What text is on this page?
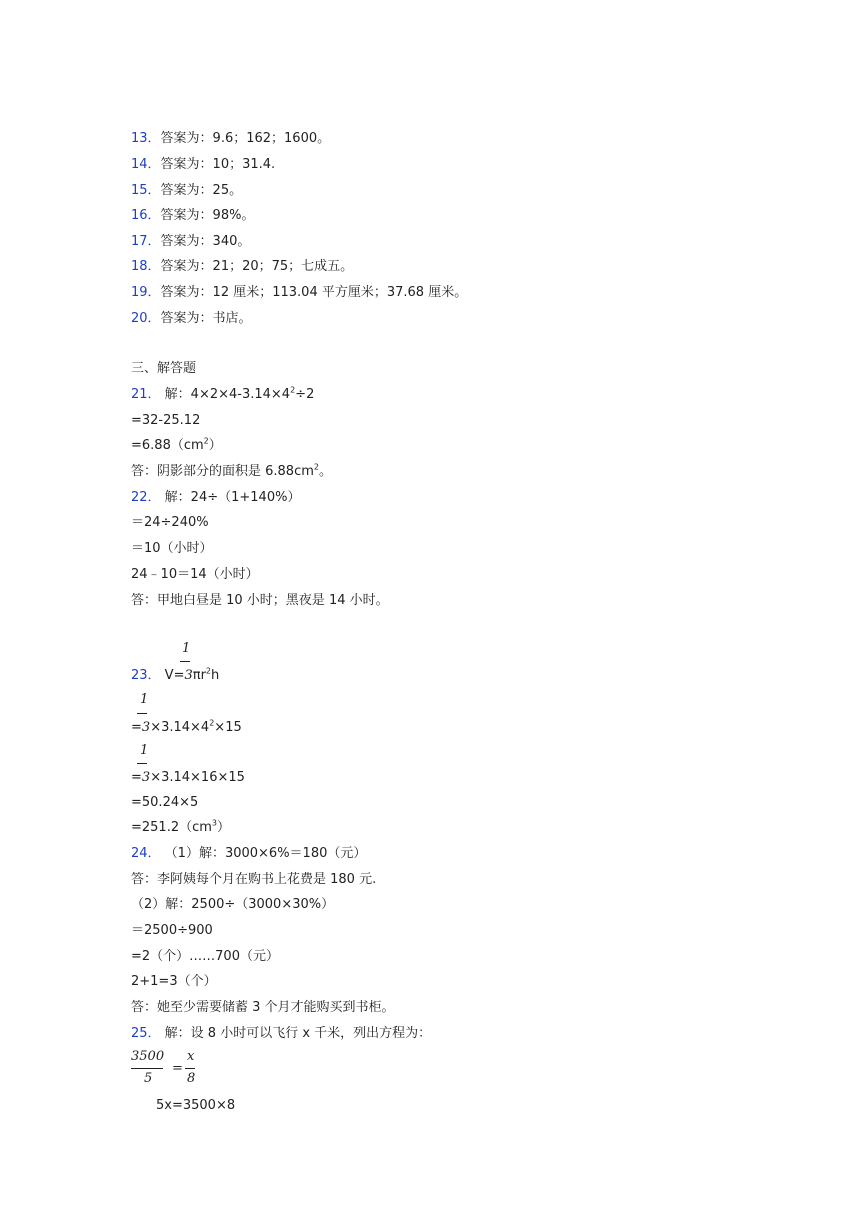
13．答案为：9.6；162；1600。
14．答案为：10；31.4.
15．答案为：25。
16．答案为：98%。
17．答案为：340。
18．答案为：21；20；75；七成五。
19．答案为：12 厘米；113.04 平方厘米；37.68 厘米。
20．答案为：书店。
三、解答题
21． 解：$4\times 2\times 4-3.14\times 4^2\div 2$
=32-25.12
$=6.88(cm^2)$
答：阴影部分的面积是 $6.88cm^2$。
22． 解：24÷（1+140%）
＝24÷240%
＝10（小时）
24﹣10＝14（小时）
答：甲地白昼是 10 小时；黑夜是 14 小时。
1
23． $V=3\pi r^2h$
1
$=3\times 3.14\times 4^2\times 15$
1
=3×3.14×16×15
=50.24×5
$=251.2(cm^3)$
24． （1）解：3000×6%＝180（元）
答：李阿姨每个月在购书上花费是 180 元.
（2）解：2500÷（3000×30%）
＝2500÷900
=2（个）……700（元）
2+1=3（个）
答：她至少需要储蓄 3 个月才能购买到书柜。
25． 解：设 8 小时可以飞行 x 千米，列出方程为：
3500
5
=
x
8
5x=3500×8
